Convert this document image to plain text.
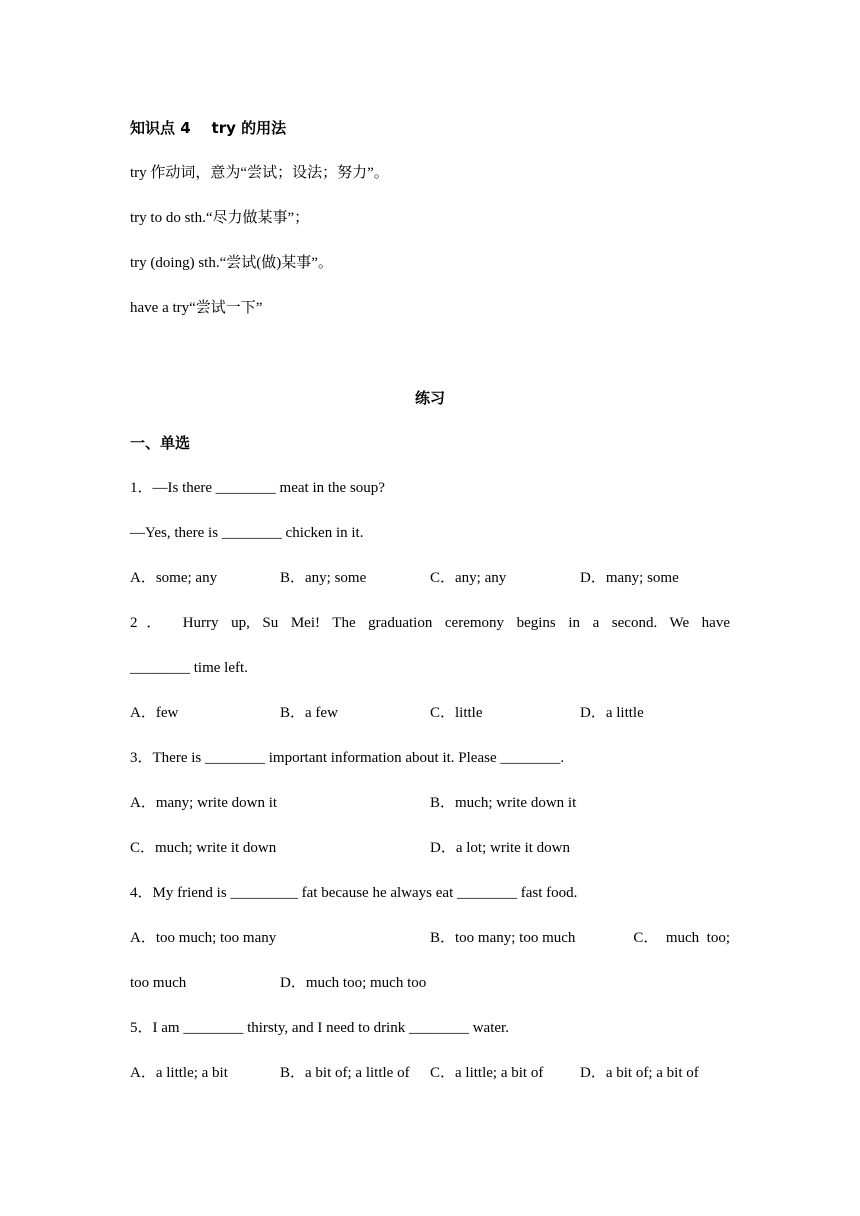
知识点 4    try 的用法
try 作动词，意为“尝试；设法；努力”。
try to do sth.“尽力做某事”；
try (doing) sth.“尝试(做)某事”。
have a try“尝试一下”
练习
一、单选
1．—Is there ________ meat in the soup?
—Yes, there is ________ chicken in it.
A．some; any	B．any; some	C．any; any	D．many; some
2． Hurry up, Su Mei! The graduation ceremony begins in a second. We have
________ time left.
A．few	B．a few	C．little	D．a little
3．There is ________ important information about it. Please ________.
A．many; write down it	B．much; write down it
C．much; write it down	D．a lot; write it down
4．My friend is _________ fat because he always eat ________ fast food.
A．too much; too many	B．too many; too much	C．  much  too;
too much	D．much too; much too
5．I am ________ thirsty, and I need to drink ________ water.
A．a little; a bit	B．a bit of; a little of C．a little; a bit of D．a bit of; a bit of
